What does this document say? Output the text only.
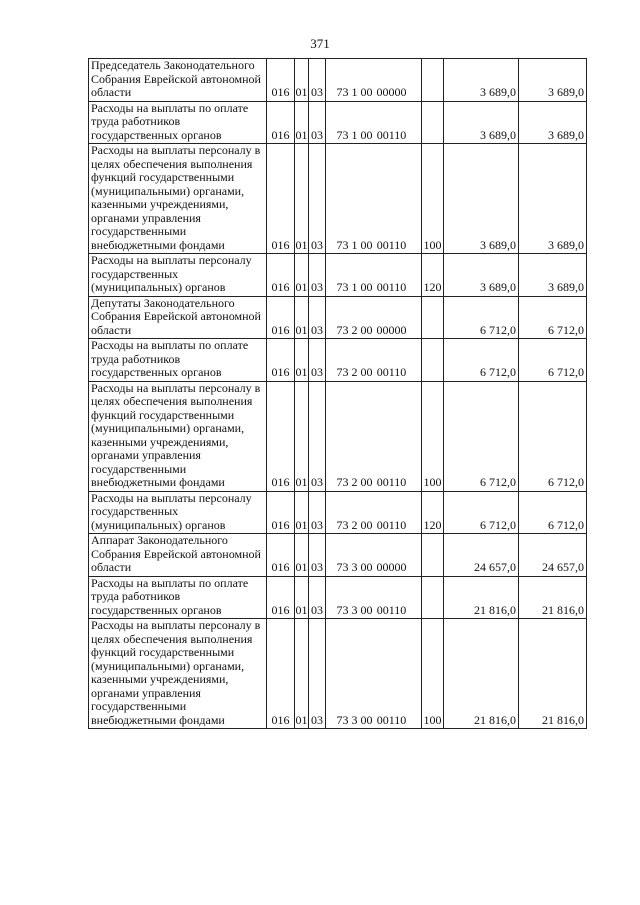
371
Председатель Законодательного Собрания Еврейской автономной области	016	01	03	73 1 00 00000		3 689,0	3 689,0
Расходы на выплаты по оплате труда работников государственных органов	016	01	03	73 1 00 00110		3 689,0	3 689,0
Расходы на выплаты персоналу в целях обеспечения выполнения функций государственными (муниципальными) органами, казенными учреждениями, органами управления государственными внебюджетными фондами	016	01	03	73 1 00 00110	100	3 689,0	3 689,0
Расходы на выплаты персоналу государственных (муниципальных) органов	016	01	03	73 1 00 00110	120	3 689,0	3 689,0
Депутаты Законодательного Собрания Еврейской автономной области	016	01	03	73 2 00 00000		6 712,0	6 712,0
Расходы на выплаты по оплате труда работников государственных органов	016	01	03	73 2 00 00110		6 712,0	6 712,0
Расходы на выплаты персоналу в целях обеспечения выполнения функций государственными (муниципальными) органами, казенными учреждениями, органами управления государственными внебюджетными фондами	016	01	03	73 2 00 00110	100	6 712,0	6 712,0
Расходы на выплаты персоналу государственных (муниципальных) органов	016	01	03	73 2 00 00110	120	6 712,0	6 712,0
Аппарат Законодательного Собрания Еврейской автономной области	016	01	03	73 3 00 00000		24 657,0	24 657,0
Расходы на выплаты по оплате труда работников государственных органов	016	01	03	73 3 00 00110		21 816,0	21 816,0
Расходы на выплаты персоналу в целях обеспечения выполнения функций государственными (муниципальными) органами, казенными учреждениями, органами управления государственными внебюджетными фондами	016	01	03	73 3 00 00110	100	21 816,0	21 816,0
